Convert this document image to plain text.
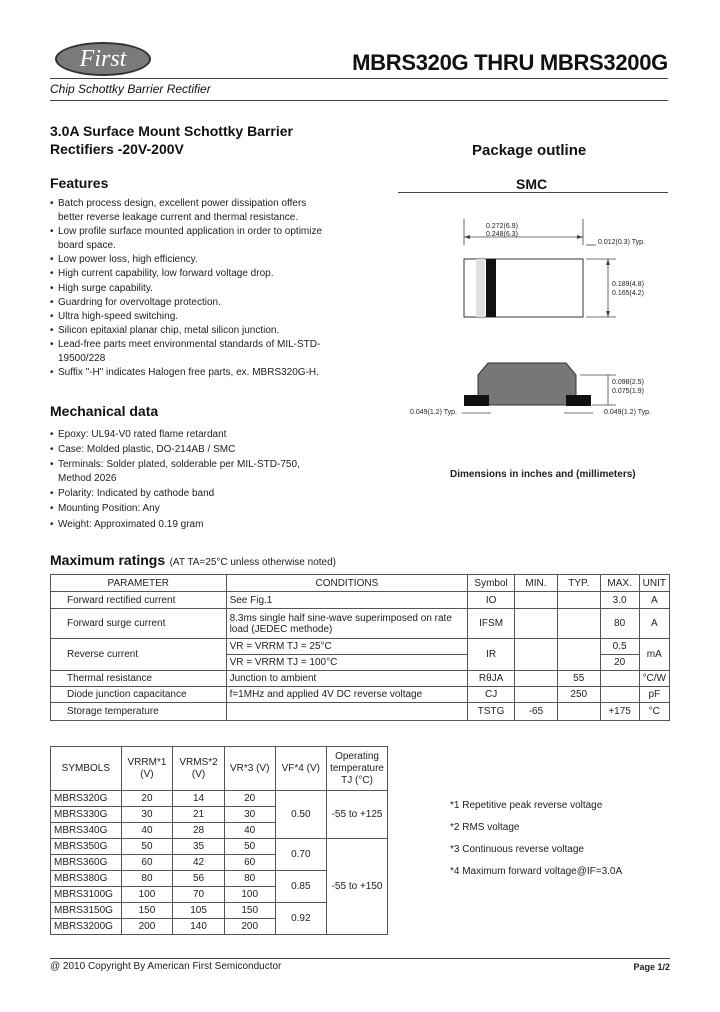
First	MBRS320G THRU MBRS3200G
Chip Schottky Barrier Rectifier
3.0A Surface Mount Schottky Barrier
Rectifiers -20V-200V
Features
• Batch process design, excellent power dissipation offers better reverse leakage current and thermal resistance.
• Low profile surface mounted application in order to optimize board space.
• Low power loss, high efficiency.
• High current capability, low forward voltage drop.
• High surge capability.
• Guardring for overvoltage protection.
• Ultra high-speed switching.
• Silicon epitaxial planar chip, metal silicon junction.
• Lead-free parts meet environmental standards of MIL-STD-19500/228
• Suffix "-H" indicates Halogen free parts, ex. MBRS320G-H.
Mechanical data
• Epoxy: UL94-V0 rated flame retardant
• Case: Molded plastic, DO-214AB / SMC
• Terminals: Solder plated, solderable per MIL-STD-750, Method 2026
• Polarity: Indicated by cathode band
• Mounting Position: Any
• Weight: Approximated 0.19 gram
Package outline
SMC
0.272(6.9)
0.248(6.3)
0.012(0.3) Typ.
0.189(4.8)
0.165(4.2)
0.098(2.5)
0.075(1.9)
0.049(1.2) Typ.	0.049(1.2) Typ.
Dimensions in inches and (millimeters)
Maximum ratings (AT TA=25°C unless otherwise noted)
PARAMETER	CONDITIONS	Symbol	MIN.	TYP.	MAX.	UNIT
Forward rectified current	See Fig.1	IO			3.0	A
Forward surge current	8.3ms single half sine-wave superimposed on rate load (JEDEC methode)	IFSM			80	A
Reverse current	VR = VRRM TJ = 25°C	IR			0.5	mA
	VR = VRRM TJ = 100°C				20	
Thermal resistance	Junction to ambient	RθJA		55		°C/W
Diode junction capacitance	f=1MHz and applied 4V DC reverse voltage	CJ		250		pF
Storage temperature		TSTG	-65		+175	°C
SYMBOLS	VRRM*1 (V)	VRMS*2 (V)	VR*3 (V)	VF*4 (V)	Operating temperature TJ (°C)
MBRS320G	20	14	20	0.50	-55 to +125
MBRS330G	30	21	30		
MBRS340G	40	28	40		
MBRS350G	50	35	50	0.70	-55 to +150
MBRS360G	60	42	60		
MBRS380G	80	56	80	0.85	
MBRS3100G	100	70	100		
MBRS3150G	150	105	150	0.92	
MBRS3200G	200	140	200		
*1 Repetitive peak reverse voltage
*2 RMS voltage
*3 Continuous reverse voltage
*4 Maximum forward voltage@IF=3.0A
@ 2010 Copyright By American First Semiconductor	Page 1/2
